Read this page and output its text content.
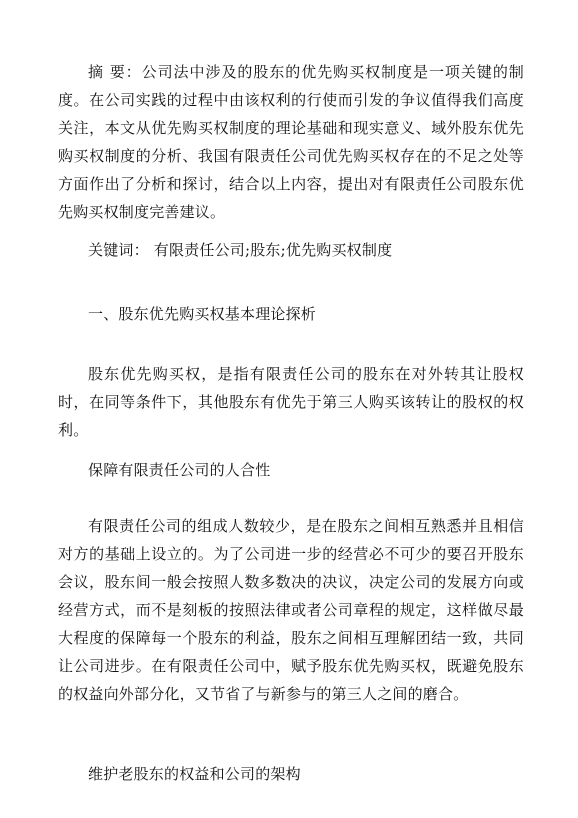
摘 要：公司法中涉及的股东的优先购买权制度是一项关键的制度。在公司实践的过程中由该权利的行使而引发的争议值得我们高度关注，本文从优先购买权制度的理论基础和现实意义、域外股东优先购买权制度的分析、我国有限责任公司优先购买权存在的不足之处等方面作出了分析和探讨，结合以上内容，提出对有限责任公司股东优先购买权制度完善建议。

关键词： 有限责任公司;股东;优先购买权制度

一、股东优先购买权基本理论探析

股东优先购买权，是指有限责任公司的股东在对外转其让股权时，在同等条件下，其他股东有优先于第三人购买该转让的股权的权利。

保障有限责任公司的人合性

有限责任公司的组成人数较少，是在股东之间相互熟悉并且相信对方的基础上设立的。为了公司进一步的经营必不可少的要召开股东会议，股东间一般会按照人数多数决的决议，决定公司的发展方向或经营方式，而不是刻板的按照法律或者公司章程的规定，这样做尽最大程度的保障每一个股东的利益，股东之间相互理解团结一致，共同让公司进步。在有限责任公司中，赋予股东优先购买权，既避免股东的权益向外部分化，又节省了与新参与的第三人之间的磨合。

维护老股东的权益和公司的架构
